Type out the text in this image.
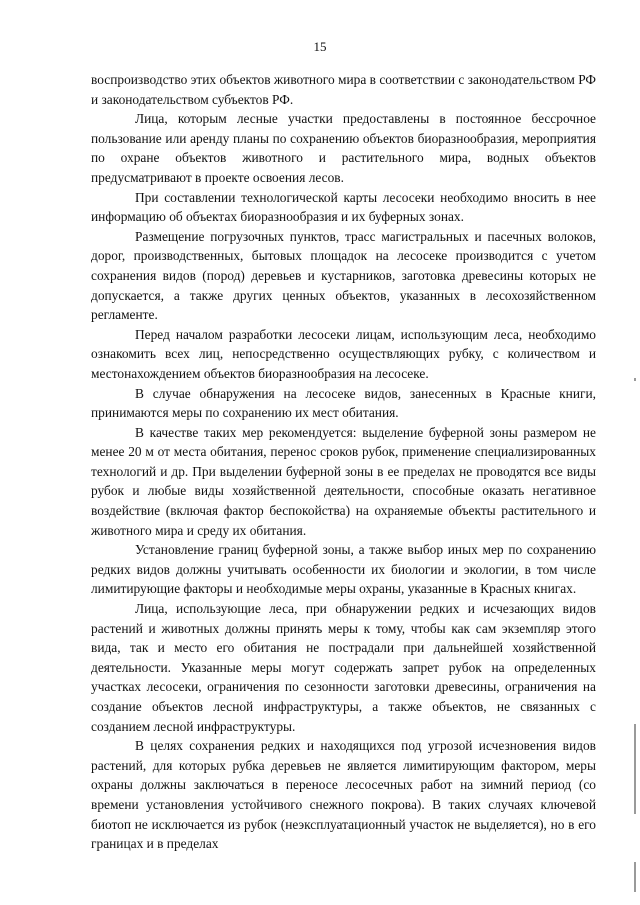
15

воспроизводство этих объектов животного мира в соответствии с законодательством РФ и законодательством субъектов РФ.

Лица, которым лесные участки предоставлены в постоянное бессрочное пользование или аренду планы по сохранению объектов биоразнообразия, мероприятия по охране объектов животного и растительного мира, водных объектов предусматривают в проекте освоения лесов.

При составлении технологической карты лесосеки необходимо вносить в нее информацию об объектах биоразнообразия и их буферных зонах.

Размещение погрузочных пунктов, трасс магистральных и пасечных волоков, дорог, производственных, бытовых площадок на лесосеке производится с учетом сохранения видов (пород) деревьев и кустарников, заготовка древесины которых не допускается, а также других ценных объектов, указанных в лесохозяйственном регламенте.

Перед началом разработки лесосеки лицам, использующим леса, необходимо ознакомить всех лиц, непосредственно осуществляющих рубку, с количеством и местонахождением объектов биоразнообразия на лесосеке.

В случае обнаружения на лесосеке видов, занесенных в Красные книги, принимаются меры по сохранению их мест обитания.

В качестве таких мер рекомендуется: выделение буферной зоны размером не менее 20 м от места обитания, перенос сроков рубок, применение специализированных технологий и др. При выделении буферной зоны в ее пределах не проводятся все виды рубок и любые виды хозяйственной деятельности, способные оказать негативное воздействие (включая фактор беспокойства) на охраняемые объекты растительного и животного мира и среду их обитания.

Установление границ буферной зоны, а также выбор иных мер по сохранению редких видов должны учитывать особенности их биологии и экологии, в том числе лимитирующие факторы и необходимые меры охраны, указанные в Красных книгах.

Лица, использующие леса, при обнаружении редких и исчезающих видов растений и животных должны принять меры к тому, чтобы как сам экземпляр этого вида, так и место его обитания не пострадали при дальнейшей хозяйственной деятельности. Указанные меры могут содержать запрет рубок на определенных участках лесосеки, ограничения по сезонности заготовки древесины, ограничения на создание объектов лесной инфраструктуры, а также объектов, не связанных с созданием лесной инфраструктуры.

В целях сохранения редких и находящихся под угрозой исчезновения видов растений, для которых рубка деревьев не является лимитирующим фактором, меры охраны должны заключаться в переносе лесосечных работ на зимний период (со времени установления устойчивого снежного покрова). В таких случаях ключевой биотоп не исключается из рубок (неэксплуатационный участок не выделяется), но в его границах и в пределах
